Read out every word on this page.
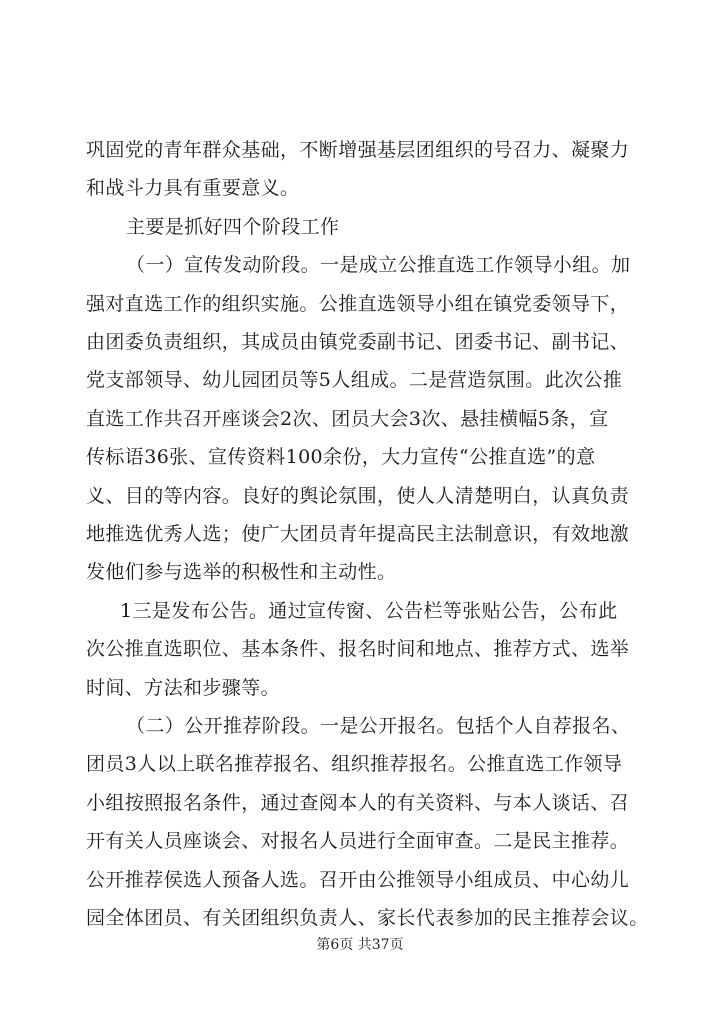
巩固党的青年群众基础，不断增强基层团组织的号召力、凝聚力
和战斗力具有重要意义。
主要是抓好四个阶段工作
（一）宣传发动阶段。一是成立公推直选工作领导小组。加
强对直选工作的组织实施。公推直选领导小组在镇党委领导下，
由团委负责组织，其成员由镇党委副书记、团委书记、副书记、
党支部领导、幼儿园团员等5人组成。二是营造氛围。此次公推
直选工作共召开座谈会2次、团员大会3次、悬挂横幅5条，宣
传标语36张、宣传资料100余份，大力宣传“公推直选”的意
义、目的等内容。良好的舆论氛围，使人人清楚明白，认真负责
地推选优秀人选；使广大团员青年提高民主法制意识，有效地激
发他们参与选举的积极性和主动性。
1三是发布公告。通过宣传窗、公告栏等张贴公告，公布此
次公推直选职位、基本条件、报名时间和地点、推荐方式、选举
时间、方法和步骤等。
（二）公开推荐阶段。一是公开报名。包括个人自荐报名、
团员3人以上联名推荐报名、组织推荐报名。公推直选工作领导
小组按照报名条件，通过查阅本人的有关资料、与本人谈话、召
开有关人员座谈会、对报名人员进行全面审查。二是民主推荐。
公开推荐侯选人预备人选。召开由公推领导小组成员、中心幼儿
园全体团员、有关团组织负责人、家长代表参加的民主推荐会议。
第6页 共37页
